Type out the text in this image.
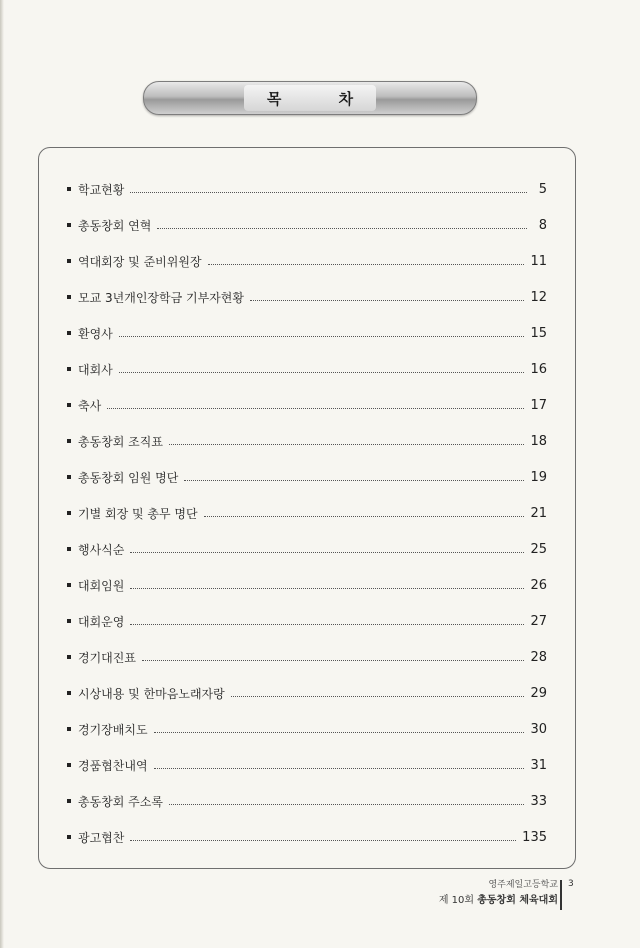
목 차
학교현황	5
총동창회 연혁	8
역대회장 및 준비위원장	11
모교 3년개인장학금 기부자현황	12
환영사	15
대회사	16
축사	17
총동창회 조직표	18
총동창회 임원 명단	19
기별 회장 및 총무 명단	21
행사식순	25
대회임원	26
대회운영	27
경기대진표	28
시상내용 및 한마음노래자랑	29
경기장배치도	30
경품협찬내역	31
총동창회 주소록	33
광고협찬	135
영주제일고등학교
제 10회 총동창회 체육대회
3
